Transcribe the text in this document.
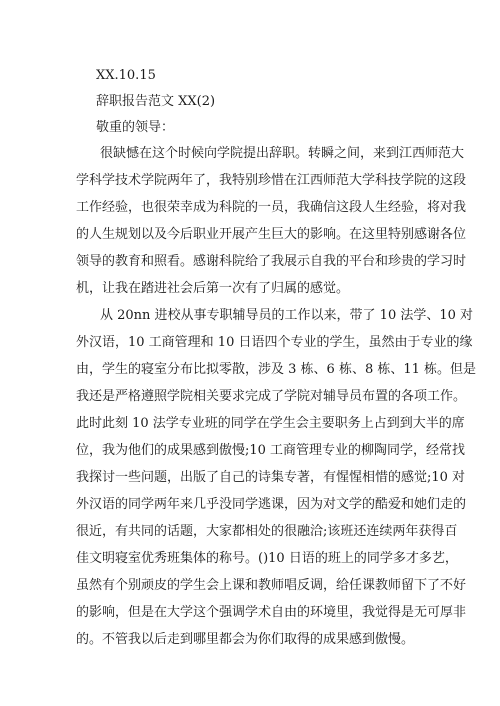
XX.10.15
辞职报告范文 XX(2)
敬重的领导：
很缺憾在这个时候向学院提出辞职。转瞬之间，来到江西师范大
学科学技术学院两年了，我特别珍惜在江西师范大学科技学院的这段
工作经验，也很荣幸成为科院的一员，我确信这段人生经验，将对我
的人生规划以及今后职业开展产生巨大的影响。在这里特别感谢各位
领导的教育和照看。感谢科院给了我展示自我的平台和珍贵的学习时
机，让我在踏进社会后第一次有了归属的感觉。
从 20nn 进校从事专职辅导员的工作以来，带了 10 法学、10 对
外汉语，10 工商管理和 10 日语四个专业的学生，虽然由于专业的缘
由，学生的寝室分布比拟零散，涉及 3 栋、6 栋、8 栋、11 栋。但是
我还是严格遵照学院相关要求完成了学院对辅导员布置的各项工作。
此时此刻 10 法学专业班的同学在学生会主要职务上占到到大半的席
位，我为他们的成果感到傲慢;10 工商管理专业的柳陶同学，经常找
我探讨一些问题，出版了自己的诗集专著，有惺惺相惜的感觉;10 对
外汉语的同学两年来几乎没同学逃课，因为对文学的酷爱和她们走的
很近，有共同的话题，大家都相处的很融洽;该班还连续两年获得百
佳文明寝室优秀班集体的称号。()10 日语的班上的同学多才多艺，
虽然有个别顽皮的学生会上课和教师唱反调，给任课教师留下了不好
的影响，但是在大学这个强调学术自由的环境里，我觉得是无可厚非
的。不管我以后走到哪里都会为你们取得的成果感到傲慢。
